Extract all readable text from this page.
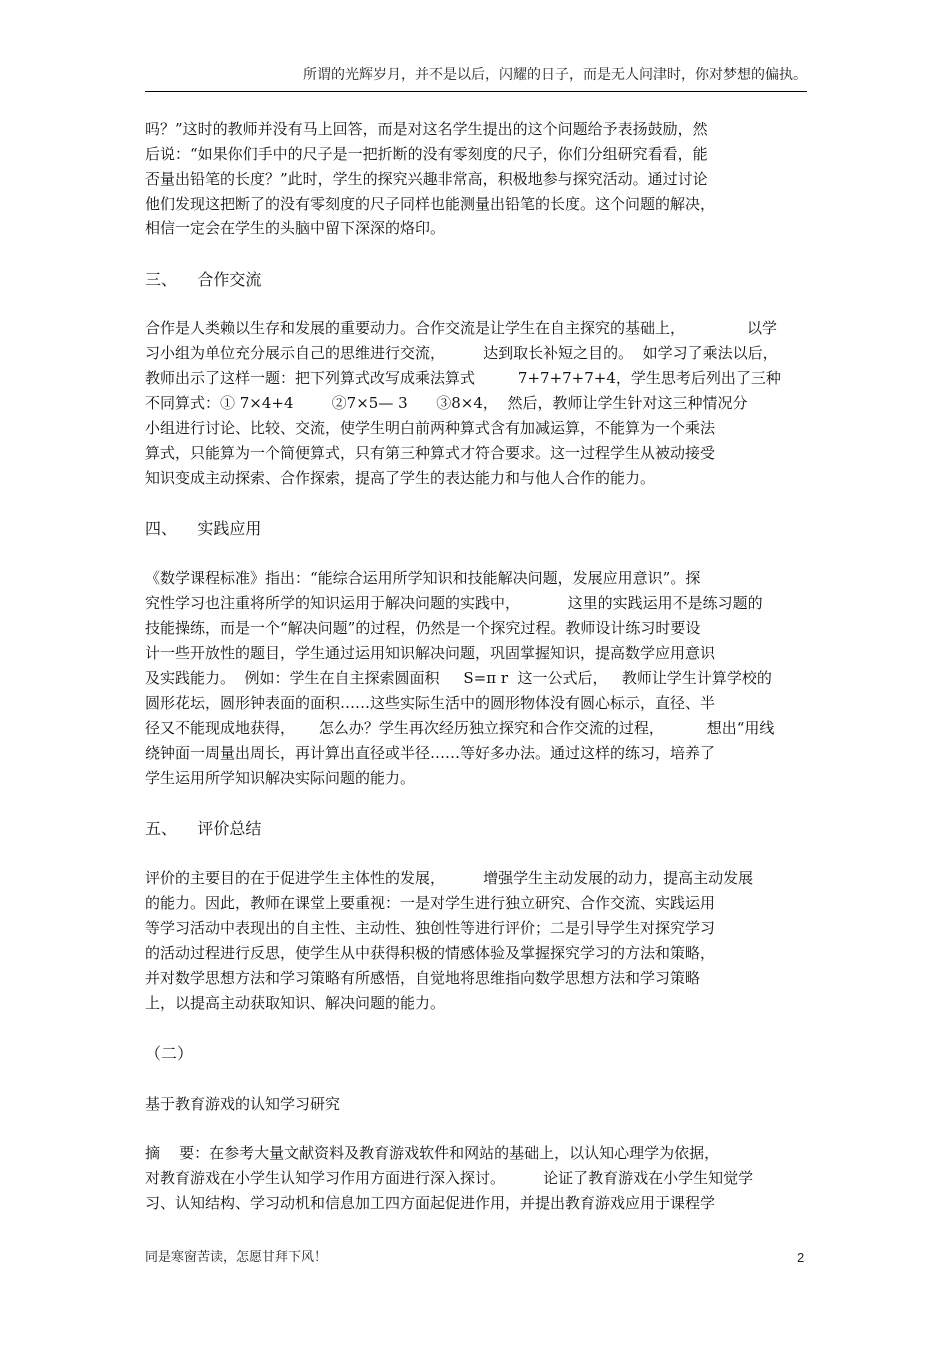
所谓的光辉岁月，并不是以后，闪耀的日子，而是无人问津时，你对梦想的偏执。
吗？”这时的教师并没有马上回答，而是对这名学生提出的这个问题给予表扬鼓励，然
后说：“如果你们手中的尺子是一把折断的没有零刻度的尺子，你们分组研究看看，能
否量出铅笔的长度？”此时，学生的探究兴趣非常高，积极地参与探究活动。通过讨论
他们发现这把断了的没有零刻度的尺子同样也能测量出铅笔的长度。这个问题的解决，
相信一定会在学生的头脑中留下深深的烙印。
三、    合作交流
合作是人类赖以生存和发展的重要动力。合作交流是让学生在自主探究的基础上，             以学
习小组为单位充分展示自己的思维进行交流，        达到取长补短之目的。  如学习了乘法以后，
教师出示了这样一题：把下列算式改写成乘法算式         7+7+7+7+4，学生思考后列出了三种
不同算式：① 7×4+4        ②7×5— 3      ③8×4，  然后，教师让学生针对这三种情况分
小组进行讨论、比较、交流，使学生明白前两种算式含有加减运算，不能算为一个乘法
算式，只能算为一个简便算式，只有第三种算式才符合要求。这一过程学生从被动接受
知识变成主动探索、合作探索，提高了学生的表达能力和与他人合作的能力。
四、    实践应用
《数学课程标准》指出：“能综合运用所学知识和技能解决问题，发展应用意识”。探
究性学习也注重将所学的知识运用于解决问题的实践中，          这里的实践运用不是练习题的
技能操练，而是一个“解决问题”的过程，仍然是一个探究过程。教师设计练习时要设
计一些开放性的题目，学生通过运用知识解决问题，巩固掌握知识，提高数学应用意识
及实践能力。  例如：学生在自主探索圆面积     S=π r  这一公式后，   教师让学生计算学校的
圆形花坛，圆形钟表面的面积……这些实际生活中的圆形物体没有圆心标示，直径、半
径又不能现成地获得，     怎么办？学生再次经历独立探究和合作交流的过程，         想出“用线
绕钟面一周量出周长，再计算出直径或半径……等好多办法。通过这样的练习，培养了
学生运用所学知识解决实际问题的能力。
五、    评价总结
评价的主要目的在于促进学生主体性的发展，        增强学生主动发展的动力，提高主动发展
的能力。因此，教师在课堂上要重视：一是对学生进行独立研究、合作交流、实践运用
等学习活动中表现出的自主性、主动性、独创性等进行评价；二是引导学生对探究学习
的活动过程进行反思，使学生从中获得积极的情感体验及掌握探究学习的方法和策略，
并对数学思想方法和学习策略有所感悟，自觉地将思维指向数学思想方法和学习策略
上，以提高主动获取知识、解决问题的能力。
（二）
基于教育游戏的认知学习研究
摘    要：在参考大量文献资料及教育游戏软件和网站的基础上，以认知心理学为依据，
对教育游戏在小学生认知学习作用方面进行深入探讨。        论证了教育游戏在小学生知觉学
习、认知结构、学习动机和信息加工四方面起促进作用，并提出教育游戏应用于课程学
同是寒窗苦读，怎愿甘拜下风！	2
